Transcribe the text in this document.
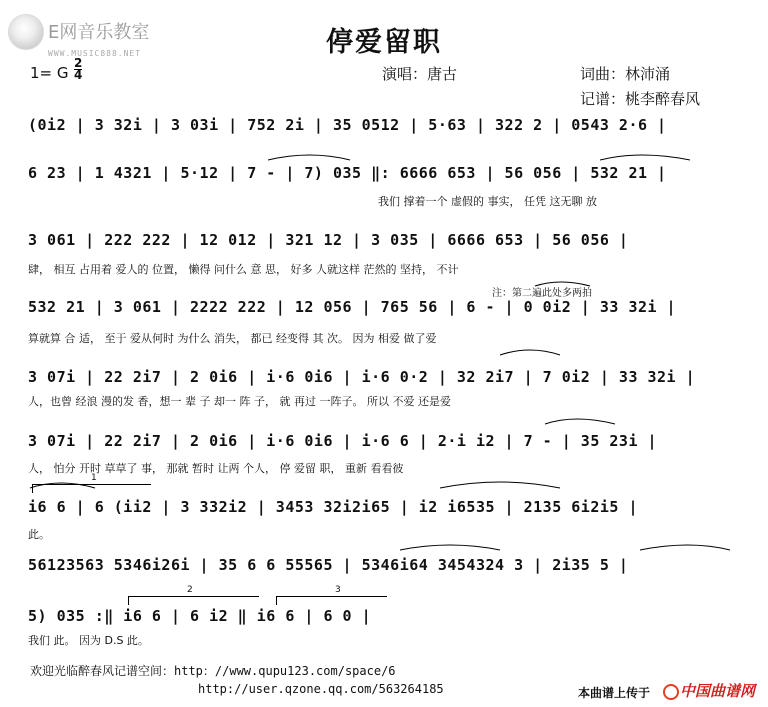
E网音乐教室
WWW.MUSIC888.NET	停爱留职
1= G
2
4	演唱：唐古	词曲：林沛涌
记谱：桃李醉春风
注：第二遍此处多两拍
(0i2 | 3 32i | 3 03i | 752 2i | 35 0512 | 5·63 | 322 2 | 0543 2·6 |
6 23 | 1 4321 | 5·12 | 7 - | 7) 035 ‖: 6666 653 | 56 056 | 532 21 |
我们 撑着一个 虚假的 事实， 任凭 这无聊 放
3 061 | 222 222 | 12 012 | 321 12 | 3 035 | 6666 653 | 56 056 |
肆， 相互 占用着 爱人的 位置， 懒得 问什么 意 思， 好多 人就这样 茫然的 坚持， 不计
532 21 | 3 061 | 2222 222 | 12 056 | 765 56 | 6 - | 0 0i2 | 33 32i |
算就算 合 适， 至于 爱从何时 为什么 消失， 都已 经变得 其 次。 因为 相爱 做了爱
3 07i | 22 2i7 | 2 0i6 | i·6 0i6 | i·6 0·2 | 32 2i7 | 7 0i2 | 33 32i |
人，也曾 经浪 漫的发 香，想一 辈 子 却一 阵 子， 就 再过 一阵子。 所以 不爱 还是爱
3 07i | 22 2i7 | 2 0i6 | i·6 0i6 | i·6 6 | 2·i i2 | 7 - | 35 23i |
人， 怕分 开时 草草了 事， 那就 暂时 让两 个人， 停 爱留 职， 重新 看看彼
1
i6 6 | 6 (ii2 | 3 332i2 | 3453 32i2i65 | i2 i6535 | 2135 6i2i5 |
此。
56123563 5346i26i | 35 6 6 55565 | 5346i64 3454324 3 | 2i35 5 |
2	3
5) 035 :‖ i6 6 | 6 i2 ‖ i6 6 | 6 0 |
我们 此。 因为 D.S 此。
欢迎光临醉春风记谱空间：http：//www.qupu123.com/space/6
http://user.qzone.qq.com/563264185	本曲谱上传于 中国曲谱网
